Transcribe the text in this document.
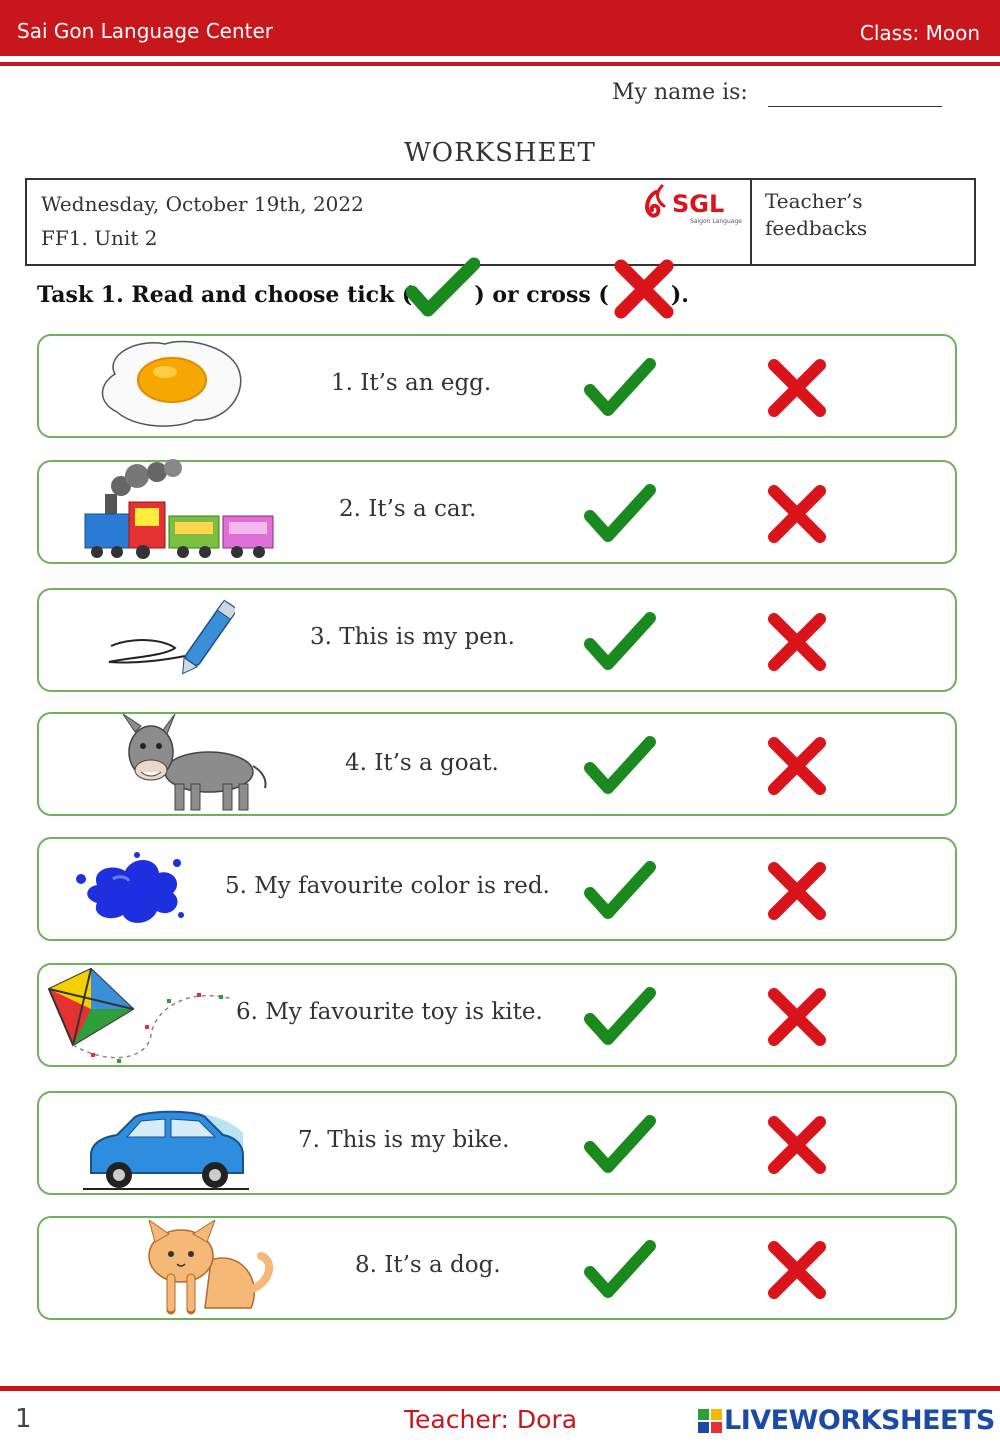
Sai Gon Language Center	Class: Moon
My name is:
WORKSHEET
Wednesday, October 19th, 2022
FF1. Unit 2
SGL
Saigon Language
Teacher’s feedbacks
Task 1. Read and choose tick (	) or cross (	).
1. It’s an egg.
2. It’s a car.
3. This is my pen.
4. It’s a goat.
5. My favourite color is red.
6. My favourite toy is kite.
7. This is my bike.
8. It’s a dog.
1	Teacher: Dora	LIVEWORKSHEETS
